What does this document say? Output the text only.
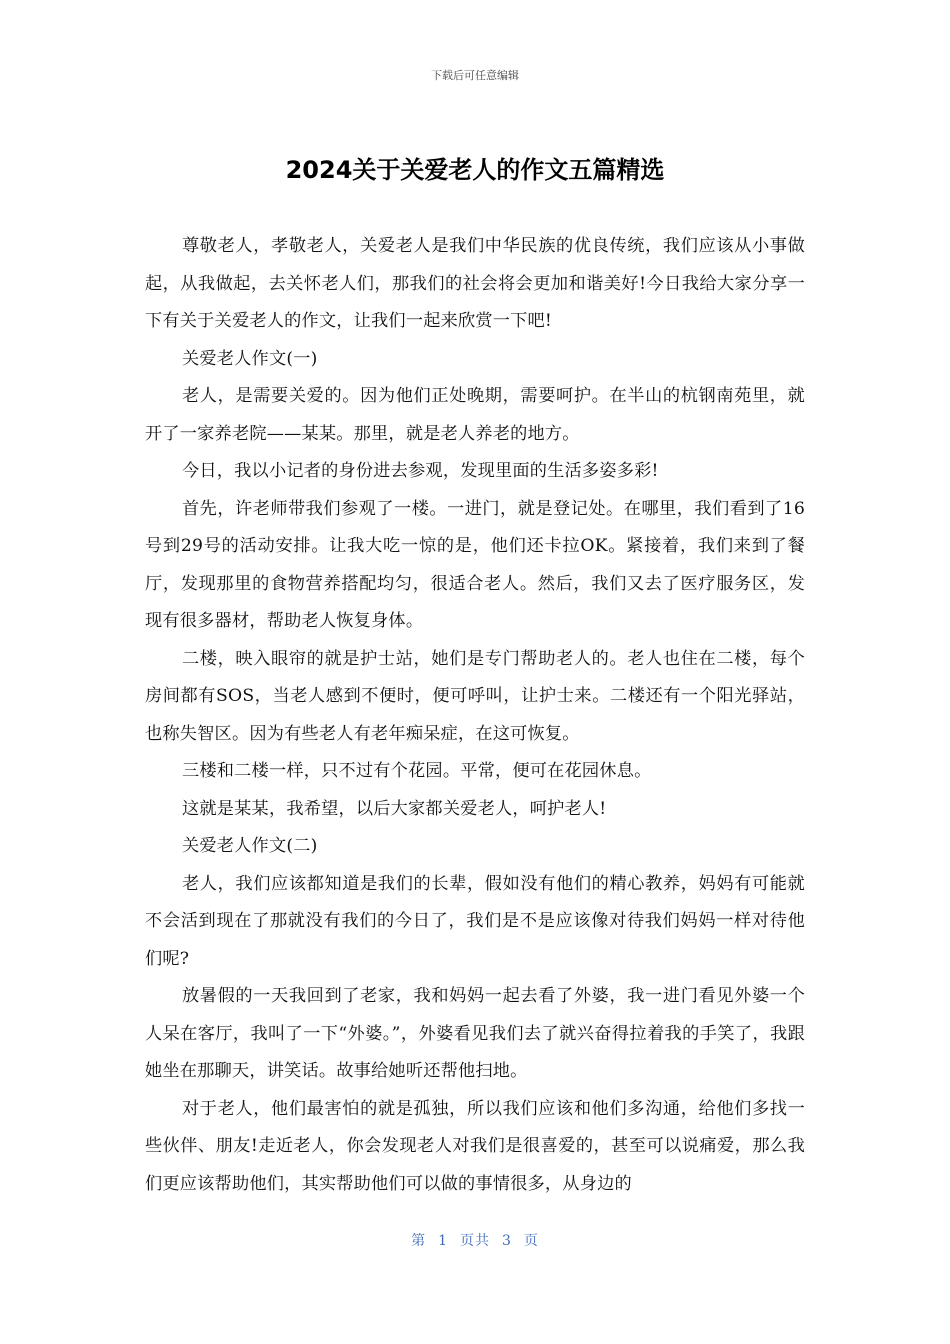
下载后可任意编辑
2024关于关爱老人的作文五篇精选

尊敬老人，孝敬老人，关爱老人是我们中华民族的优良传统，我们应该从小事做起，从我做起，去关怀老人们，那我们的社会将会更加和谐美好!今日我给大家分享一下有关于关爱老人的作文，让我们一起来欣赏一下吧!

关爱老人作文(一)

老人，是需要关爱的。因为他们正处晚期，需要呵护。在半山的杭钢南苑里，就开了一家养老院——某某。那里，就是老人养老的地方。

今日，我以小记者的身份进去参观，发现里面的生活多姿多彩!

首先，许老师带我们参观了一楼。一进门，就是登记处。在哪里，我们看到了16号到29号的活动安排。让我大吃一惊的是，他们还卡拉OK。紧接着，我们来到了餐厅，发现那里的食物营养搭配均匀，很适合老人。然后，我们又去了医疗服务区，发现有很多器材，帮助老人恢复身体。

二楼，映入眼帘的就是护士站，她们是专门帮助老人的。老人也住在二楼，每个房间都有SOS，当老人感到不便时，便可呼叫，让护士来。二楼还有一个阳光驿站，也称失智区。因为有些老人有老年痴呆症，在这可恢复。

三楼和二楼一样，只不过有个花园。平常，便可在花园休息。

这就是某某，我希望，以后大家都关爱老人，呵护老人!

关爱老人作文(二)

老人，我们应该都知道是我们的长辈，假如没有他们的精心教养，妈妈有可能就不会活到现在了那就没有我们的今日了，我们是不是应该像对待我们妈妈一样对待他们呢?

放暑假的一天我回到了老家，我和妈妈一起去看了外婆，我一进门看见外婆一个人呆在客厅，我叫了一下“外婆。”，外婆看见我们去了就兴奋得拉着我的手笑了，我跟她坐在那聊天，讲笑话。故事给她听还帮他扫地。

对于老人，他们最害怕的就是孤独，所以我们应该和他们多沟通，给他们多找一些伙伴、朋友!走近老人，你会发现老人对我们是很喜爱的，甚至可以说痛爱，那么我们更应该帮助他们，其实帮助他们可以做的事情很多，从身边的

第 1 页共 3 页
